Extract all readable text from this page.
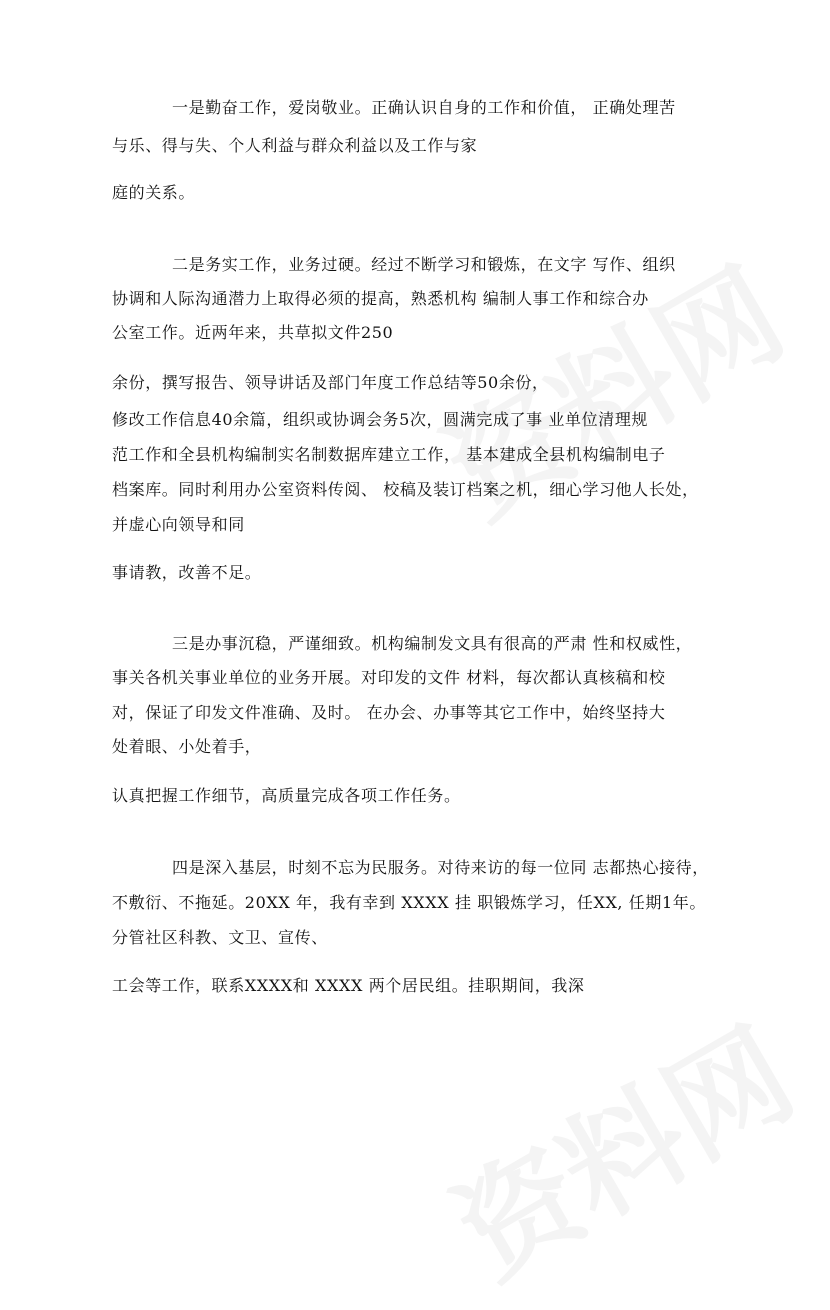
一是勤奋工作，爱岗敬业。正确认识自身的工作和价值， 正确处理苦
与乐、得与失、个人利益与群众利益以及工作与家
庭的关系。
二是务实工作，业务过硬。经过不断学习和锻炼，在文字 写作、组织
协调和人际沟通潜力上取得必须的提高，熟悉机构 编制人事工作和综合办
公室工作。近两年来，共草拟文件250
余份，撰写报告、领导讲话及部门年度工作总结等50余份，
修改工作信息40余篇，组织或协调会务5次，圆满完成了事 业单位清理规
范工作和全县机构编制实名制数据库建立工作， 基本建成全县机构编制电子
档案库。同时利用办公室资料传阅、 校稿及装订档案之机，细心学习他人长处，
并虚心向领导和同
事请教，改善不足。
三是办事沉稳，严谨细致。机构编制发文具有很高的严肃 性和权威性，
事关各机关事业单位的业务开展。对印发的文件 材料，每次都认真核稿和校
对，保证了印发文件准确、及时。 在办会、办事等其它工作中，始终坚持大
处着眼、小处着手，
认真把握工作细节，高质量完成各项工作任务。
四是深入基层，时刻不忘为民服务。对待来访的每一位同 志都热心接待，
不敷衍、不拖延。20XX 年，我有幸到 XXXX 挂 职锻炼学习，任XX, 任期1年。
分管社区科教、文卫、宣传、
工会等工作，联系XXXX和 XXXX 两个居民组。挂职期间，我深
